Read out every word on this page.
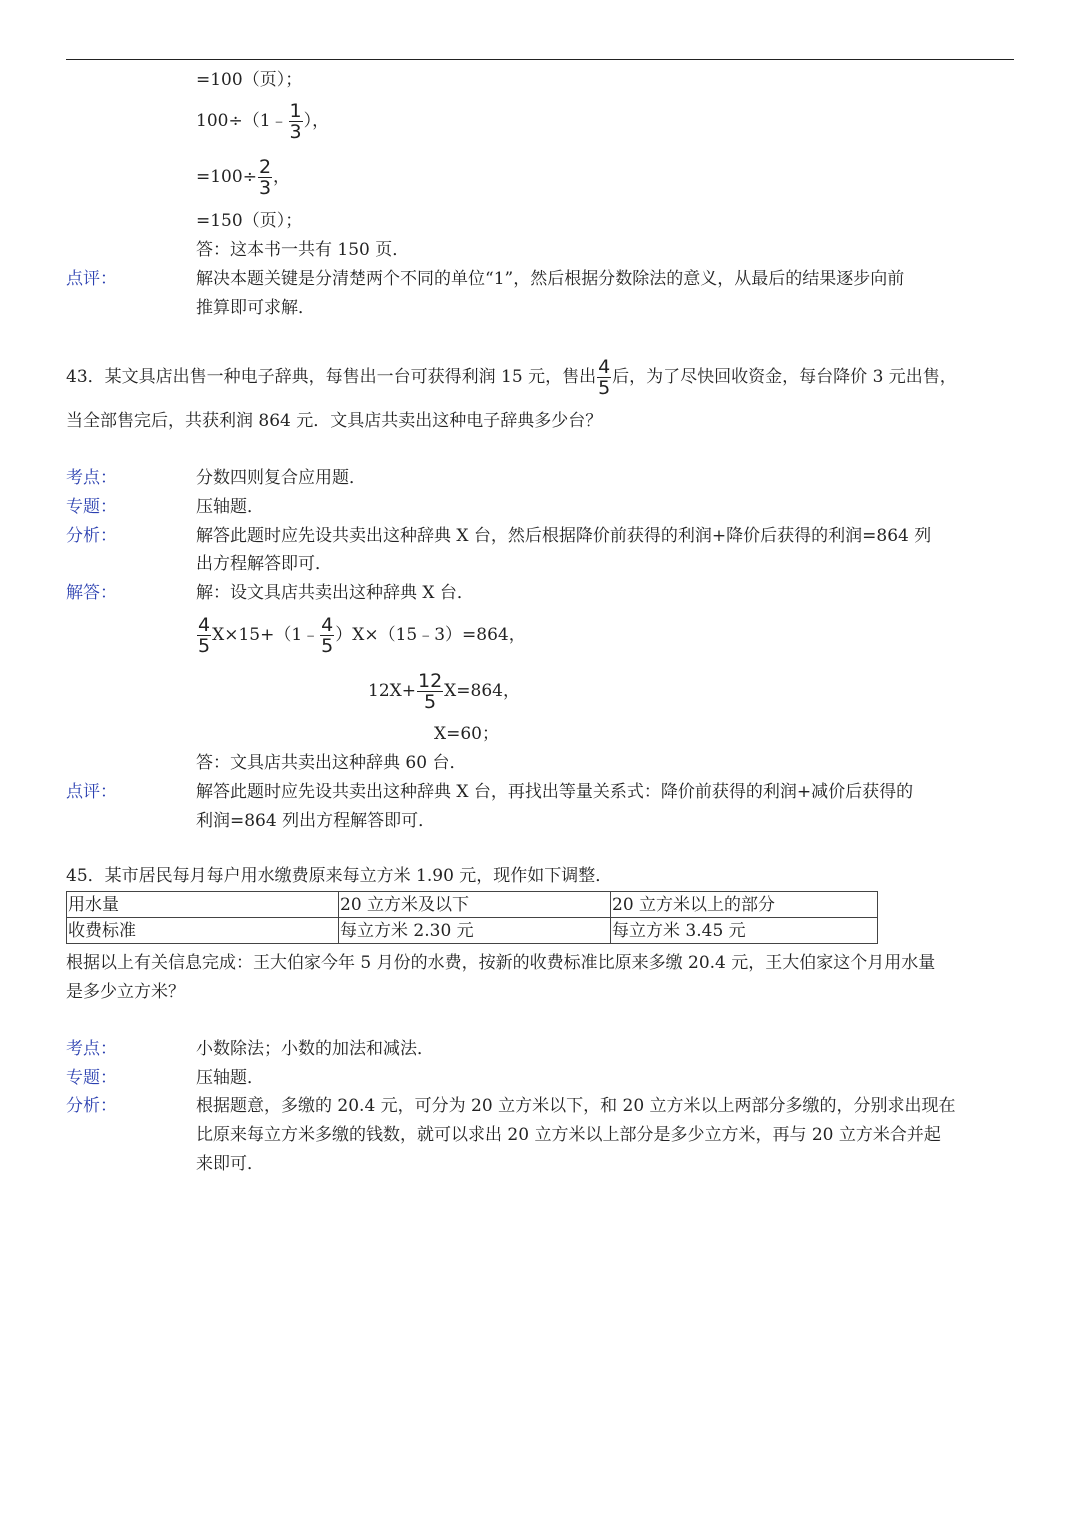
=100（页）；
100÷（1﹣ $\frac{1}{3}$ ），
$=100\div \frac{2}{3}$ ，
=150（页）；
答：这本书一共有 150 页．
点评：	解决本题关键是分清楚两个不同的单位“1”，然后根据分数除法的意义，从最后的结果逐步向前
推算即可求解．
43．某文具店出售一种电子辞典，每售出一台可获得利润 15 元，售出 $\frac{4}{5}$ 后，为了尽快回收资金，每台降价 3 元出售，
当全部售完后，共获利润 864 元．文具店共卖出这种电子辞典多少台？
考点：	分数四则复合应用题．
专题：	压轴题．
分析：	解答此题时应先设共卖出这种辞典 X 台，然后根据降价前获得的利润+降价后获得的利润=864 列
出方程解答即可．
解答：	解：设文具店共卖出这种辞典 X 台．
$\frac{4}{5}$ X×15+（1﹣ $\frac{4}{5}$ ）X×（15﹣3）=864，
$12X+ \frac{12}{5} X=864$，
X=60；
答：文具店共卖出这种辞典 60 台．
点评：	解答此题时应先设共卖出这种辞典 X 台，再找出等量关系式：降价前获得的利润+减价后获得的
利润=864 列出方程解答即可．
45．某市居民每月每户用水缴费原来每立方米 1.90 元，现作如下调整．
用水量	20 立方米及以下	20 立方米以上的部分
收费标准	每立方米 2.30 元	每立方米 3.45 元
根据以上有关信息完成：王大伯家今年 5 月份的水费，按新的收费标准比原来多缴 20.4 元，王大伯家这个月用水量
是多少立方米？
考点：	小数除法；小数的加法和减法．
专题：	压轴题．
分析：	根据题意，多缴的 20.4 元，可分为 20 立方米以下，和 20 立方米以上两部分多缴的，分别求出现在
比原来每立方米多缴的钱数，就可以求出 20 立方米以上部分是多少立方米，再与 20 立方米合并起
来即可．
